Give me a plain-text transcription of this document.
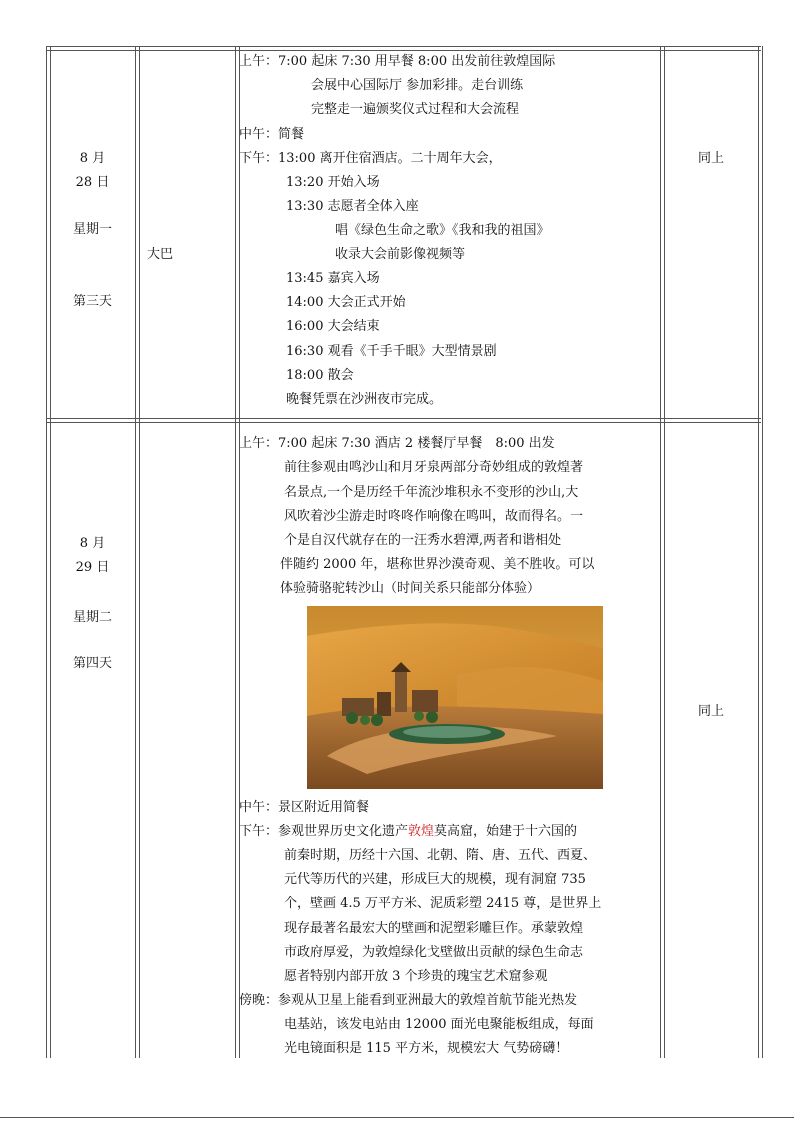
8 月
28 日
星期一
第三天
大巴
同上
上午：7:00 起床 7:30 用早餐 8:00 出发前往敦煌国际
会展中心国际厅 参加彩排。走台训练
完整走一遍颁奖仪式过程和大会流程
中午：简餐
下午：13:00 离开住宿酒店。二十周年大会，
13:20 开始入场
13:30 志愿者全体入座
唱《绿色生命之歌》《我和我的祖国》
收录大会前影像视频等
13:45 嘉宾入场
14:00 大会正式开始
16:00 大会结束
16:30 观看《千手千眼》大型情景剧
18:00 散会
晚餐凭票在沙洲夜市完成。
8 月
29 日
星期二
第四天
同上
上午：7:00 起床 7:30 酒店 2 楼餐厅早餐　8:00 出发
前往参观由鸣沙山和月牙泉两部分奇妙组成的敦煌著
名景点,一个是历经千年流沙堆积永不变形的沙山,大
风吹着沙尘游走时咚咚作响像在鸣叫，故而得名。一
个是自汉代就存在的一汪秀水碧潭,两者和谐相处
伴随约 2000 年，堪称世界沙漠奇观、美不胜收。可以
体验骑骆驼转沙山（时间关系只能部分体验）
中午：景区附近用简餐
下午：参观世界历史文化遗产敦煌莫高窟，始建于十六国的
前秦时期，历经十六国、北朝、隋、唐、五代、西夏、
元代等历代的兴建，形成巨大的规模，现有洞窟 735
个，壁画 4.5 万平方米、泥质彩塑 2415 尊，是世界上
现存最著名最宏大的壁画和泥塑彩雕巨作。承蒙敦煌
市政府厚爱，为敦煌绿化戈壁做出贡献的绿色生命志
愿者特别内部开放 3 个珍贵的瑰宝艺术窟参观
傍晚：参观从卫星上能看到亚洲最大的敦煌首航节能光热发
电基站，该发电站由 12000 面光电聚能板组成，每面
光电镜面积是 115 平方米，规模宏大 气势磅礴！
